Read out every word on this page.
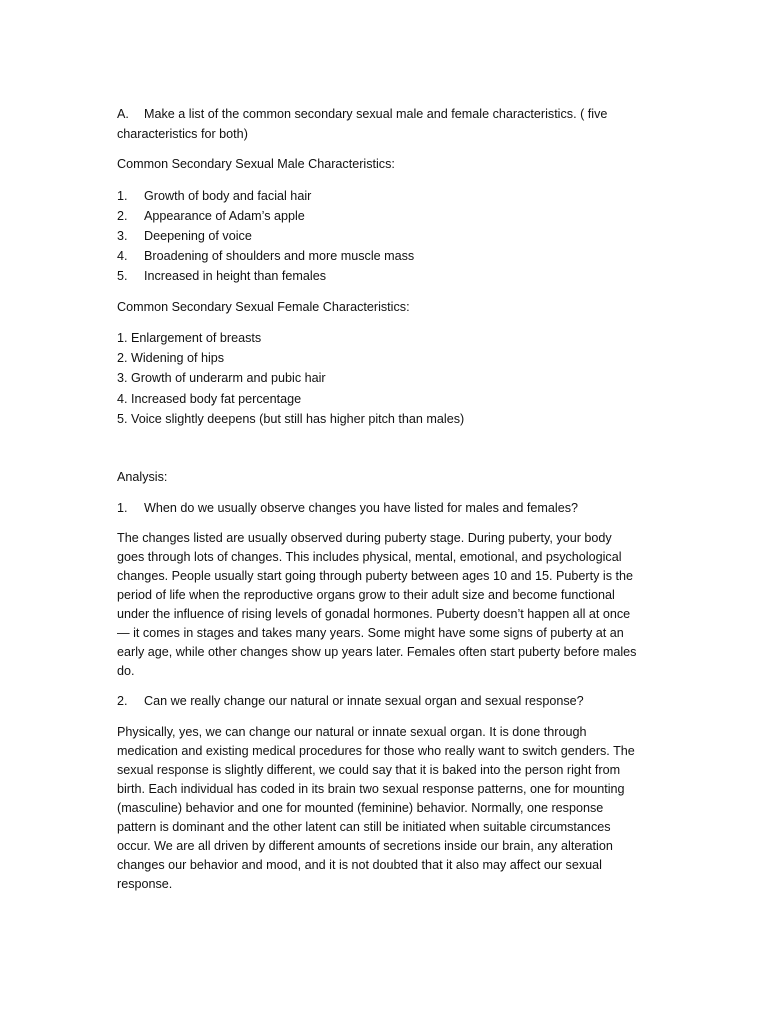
A.	Make a list of the common secondary sexual male and female characteristics. ( five

characteristics for both)

Common Secondary Sexual Male Characteristics:

1.	Growth of body and facial hair
2.	Appearance of Adam’s apple
3.	Deepening of voice
4.	Broadening of shoulders and more muscle mass
5.	Increased in height than females

Common Secondary Sexual Female Characteristics:

1. Enlargement of breasts
2. Widening of hips
3. Growth of underarm and pubic hair
4. Increased body fat percentage
5. Voice slightly deepens (but still has higher pitch than males)

Analysis:

1.	When do we usually observe changes you have listed for males and females?

The changes listed are usually observed during puberty stage. During puberty, your body goes through lots of changes. This includes physical, mental, emotional, and psychological changes. People usually start going through puberty between ages 10 and 15. Puberty is the period of life when the reproductive organs grow to their adult size and become functional under the influence of rising levels of gonadal hormones. Puberty doesn’t happen all at once — it comes in stages and takes many years. Some might have some signs of puberty at an early age, while other changes show up years later. Females often start puberty before males do.

2.	Can we really change our natural or innate sexual organ and sexual response?

Physically, yes, we can change our natural or innate sexual organ. It is done through medication and existing medical procedures for those who really want to switch genders. The sexual response is slightly different, we could say that it is baked into the person right from birth. Each individual has coded in its brain two sexual response patterns, one for mounting (masculine) behavior and one for mounted (feminine) behavior. Normally, one response pattern is dominant and the other latent can still be initiated when suitable circumstances occur. We are all driven by different amounts of secretions inside our brain, any alteration changes our behavior and mood, and it is not doubted that it also may affect our sexual response.
